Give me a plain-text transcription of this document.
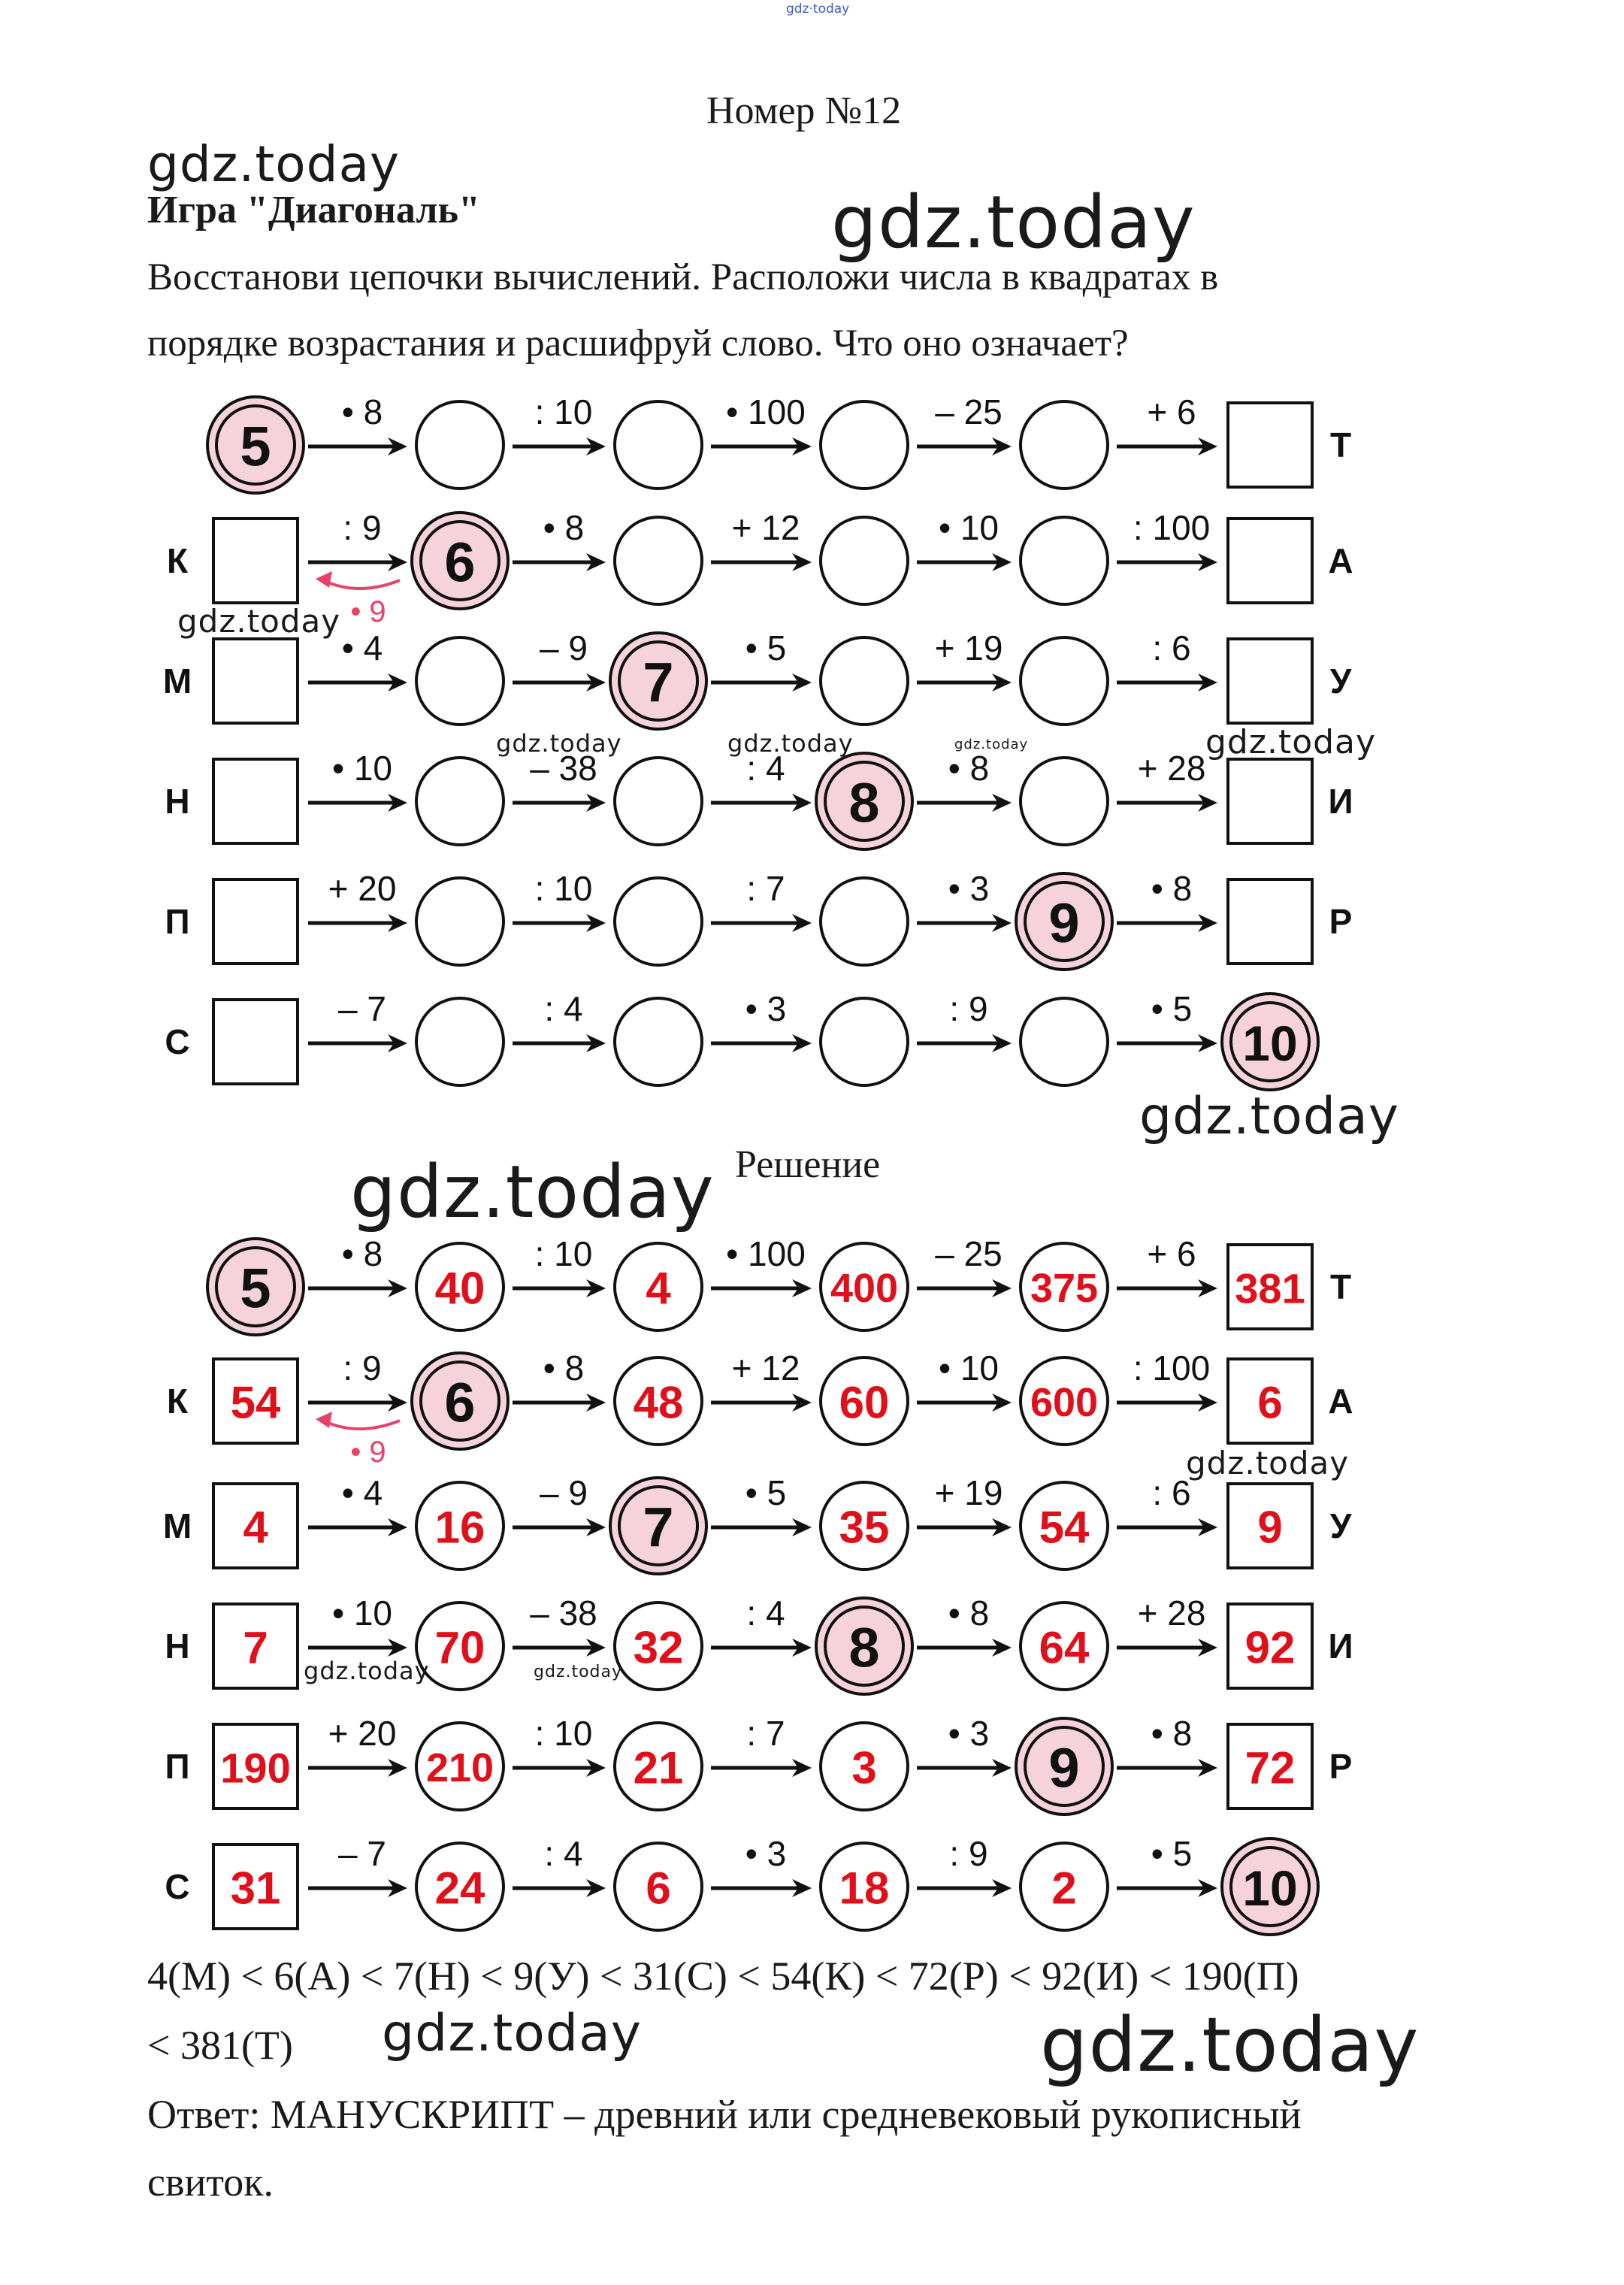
gdz·today
Номер №12
gdz.today
Игра "Диагональ"	gdz.today
Восстанови цепочки вычислений. Расположи числа в квадратах в
порядке возрастания и расшифруй слово. Что оно означает?
Т
5
• 8	: 10	• 100	– 25	+ 6
К	А
6
: 9	• 8	+ 12	• 10	: 100
• 9
М	У
7
• 4	– 9	• 5	+ 19	: 6
Н	И
8
• 10	– 38	: 4	• 8	+ 28
П	Р
9
+ 20	: 10	: 7	• 3	• 8
С	10
– 7	: 4	• 3	: 9	• 5
gdz.today
gdz.today	gdz.today	gdz.today	gdz.today
gdz.today
Решение
gdz.today
Т
5	40	4	400	375	381
• 8	: 10	• 100	– 25	+ 6
К	А
54	6	48	60	600	6
: 9	• 8	+ 12	• 10	: 100
• 9
М	У
4	16	7	35	54	9
• 4	– 9	• 5	+ 19	: 6
Н	И
7	70	32	8	64	92
• 10	– 38	: 4	• 8	+ 28
П	Р
190	210	21	3	9	72
+ 20	: 10	: 7	• 3	• 8
С 31	24	6	18	2	10
– 7	: 4	• 3	: 9	• 5
gdz.today
gdz.today	gdz.today
4(М) < 6(А) < 7(Н) < 9(У) < 31(С) < 54(К) < 72(Р) < 92(И) < 190(П)
< 381(Т) gdz.today	gdz.today
Ответ: МАНУСКРИПТ – древний или средневековый рукописный
свиток.
